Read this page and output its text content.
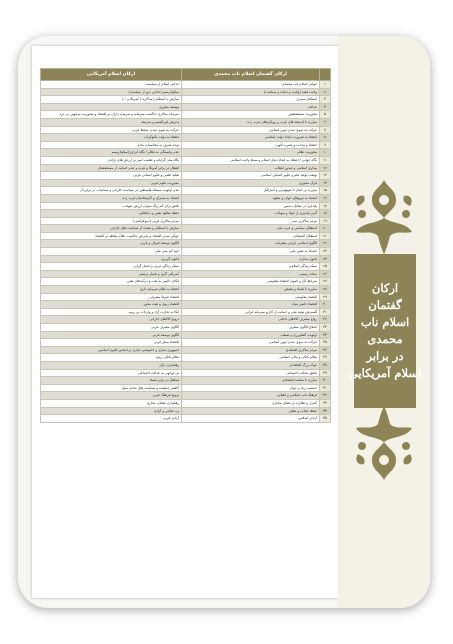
	ارکان گفتمان اسلام ناب محمدی	ارکان اسلام آمریکایی
۱	جهانی اسلام ناب محمدی	جدایی اسلام از سیاست
۲	ولایت فقیه (ولایت و دیانت و سیاست)	سکولاریسم (جدایی دین از سیاست)
۳	استکبار ستیزی	سازش با استکبار (مذاکره با آمریکا و ...)
۴	عدالت	توسعه محوری
۵	محوریت مستضعفین	سرمایه سالاری حاکمیت سرمایه و سرمایه داران بر اقتصاد و محوریت مرفهین بی درد
۶	مبارزه با اندیشه های غرب و رویکردهای غرب زده	پذیرش لیبرالیسم و مدرنیته
۷	حرکت به سوی تمدن نوین اسلامی	حرکت به سوی تمدن منحط غربی
۸	اعتقاد به ضرورت ایجاد دولت اسلامی	اعتقاد به دولت تکنوکرات
۹	اعتقاد و وحدت و نصرت الهی	توجه صرف به محاسبات مادی
۱۰	محوریت نظام	عدم وابستگی به نظام / نگاه ابزاری/سکولاریسم
۱۱	نگاه جهانی / اعتقاد به ایجاد دنیای اسلام و بسط ولایت اسلامی	نگاه ملی گرایانه و تعصب آمیز بر ارزش های نژادی
۱۲	بیداری اسلامی و صدور انقلاب	انفعال در برابر آمریکا و غرب و عدم حمایت از مستضعفان
۱۳	نهضت تولید علم و علوم انسانی اسلامی	تقلید علمی و علوم انسانی غربی
۱۴	قرآن محوری	محوریت علوم غربی
۱۵	مبارزه بی امان با صهیونیزم و اسرائیل	عدم اولویت مسئله فلسطین در سیاست خارجی و مماشات در برابر آن
۱۶	اعتماد به نیروهای جوان و متعهد	اعتماد به مدیران و کارشناسان غرب زده
۱۷	پایداری در مقابل دشمن	تلاش برای کم رنگ نمودن ارزش شهادت
۱۸	گریز ناپذیری از جهاد و شهادت	حفظ منافع، نفس و دنیاطلبی
۱۹	مردم سالاری دینی	مردم سالاری غربی (دموکراسی)
۲۰	استقلال سیاسی و عزت ملی	سازش با استکبار و تبعیت از سیاست های خارجی
۲۱	استقلال اقتصادی	جهانی شدن اقتصاد و پذیرش حاکمیت نظام سلطه بر اقتصاد
۲۲	الگوی اسلامی ایرانی پیشرفت	الگوی توسعه لیبرال و غربی
۲۳	اعتماد به نفس ملی	خود کم بینی ملی
۲۴	قانون مداری	قانون گریزی
۲۵	سبک زندگی اسلامی	سبک زندگی غربی و تجمل گرایی
۲۶	ساده زیستی	اشرافی گری و تجمل پرستی
۲۷	شرایط کار و اصول اقتصاد مقاومتی	اتکای دائمی به نفت و درآمدهای نفتی
۲۸	مبارزه با فساد و تبعیض	اعتقاد به نظام سرمایه داری
۲۹	اقتصاد مقاومتی	اقتصاد صرفاً مصرفی
۳۰	اقتصاد دانش بنیان	اقتصاد ربوی و نفت محور
۳۱	گسترش تولید ملی و حمایت از کار و سرمایه ایرانی	اتکا به تجارت آزاد و واردات بی رویه
۳۲	رواج مصرف کالاهای داخلی	ترویج کالاهای خارجی
۳۳	اصلاح الگوی مصرف	الگوی مصرف غربی
۳۴	اولویت کشاورزی و صنعت	الگوی توسعه غربی
۳۵	حرکت به سوی تمدن نوین اسلامی	اقتصاد بیمار غربی
۳۶	مردم سالاری اقتصادی	جمهوری سازی و خصوصی سازی بر اساس قانون اساسی
۳۷	نظام بانکی و مالی اسلامی	نظام بانکی ربوی
۳۸	جهاد بزرگ اقتصادی	رهاسازی بازار
۳۹	تحقق عدالت اجتماعی	بی توجهی به عدالت اجتماعی
۴۰	مبارزه با مفاسد اقتصادی	تساهل در برابر فساد
۴۱	جمعیت زیاد و جوان	کاهش جمعیت و سیاست های تحدید نسل
۴۲	فرهنگ ناب اسلامی و انقلابی	ترویج فرهنگ غربی
۴۳	کنترل و نظارت بر فضای مجازی	رهاسازی فضای مجازی
۴۴	حفظ حجاب و عفاف	بی حجابی و آزادی
۴۵	آزادی اسلامی	آزادی غربی
ارکان
گفتمان
اسلام ناب
محمدی
در برابر
اسلام آمریکایی
